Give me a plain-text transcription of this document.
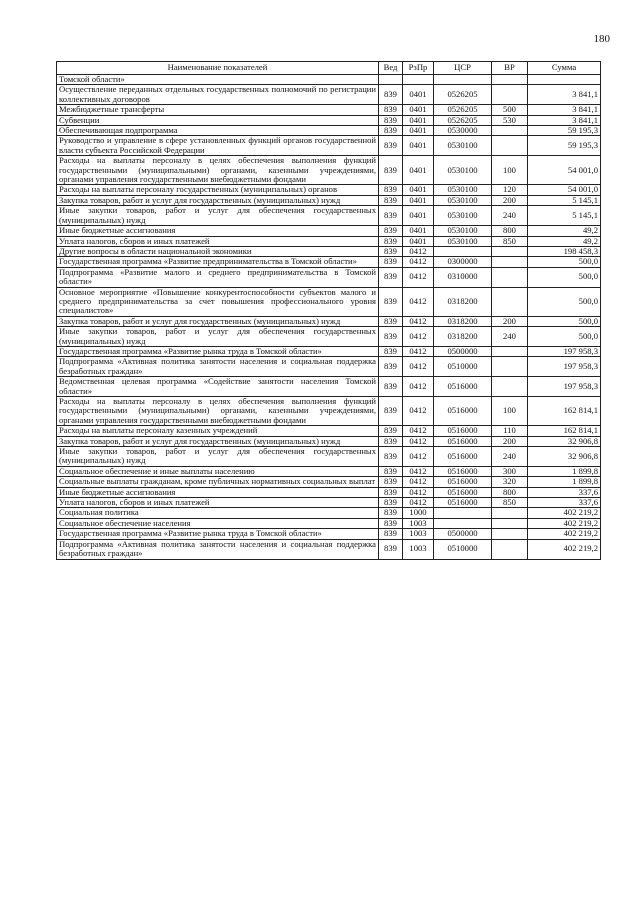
180
Наименование показателей	Вед	РзПр	ЦСР	ВР	Сумма
Томской области»					
Осуществление переданных отдельных государственных полномочий по регистрации коллективных договоров	839	0401	0526205		3 841,1
Межбюджетные трансферты	839	0401	0526205	500	3 841,1
Субвенции	839	0401	0526205	530	3 841,1
Обеспечивающая подпрограмма	839	0401	0530000		59 195,3
Руководство и управление в сфере установленных функций органов государственной власти субъекта Российской Федерации	839	0401	0530100		59 195,3
Расходы на выплаты персоналу в целях обеспечения выполнения функций государственными (муниципальными) органами, казенными учреждениями, органами управления государственными внебюджетными фондами	839	0401	0530100	100	54 001,0
Расходы на выплаты персоналу государственных (муниципальных) органов	839	0401	0530100	120	54 001,0
Закупка товаров, работ и услуг для государственных (муниципальных) нужд	839	0401	0530100	200	5 145,1
Иные закупки товаров, работ и услуг для обеспечения государственных (муниципальных) нужд	839	0401	0530100	240	5 145,1
Иные бюджетные ассигнования	839	0401	0530100	800	49,2
Уплата налогов, сборов и иных платежей	839	0401	0530100	850	49,2
Другие вопросы в области национальной экономики	839	0412			198 458,3
Государственная программа «Развитие предпринимательства в Томской области»	839	0412	0300000		500,0
Подпрограмма «Развитие малого и среднего предпринимательства в Томской области»	839	0412	0310000		500,0
Основное мероприятие «Повышение конкурентоспособности субъектов малого и среднего предпринимательства за счет повышения профессионального уровня специалистов»	839	0412	0318200		500,0
Закупка товаров, работ и услуг для государственных (муниципальных) нужд	839	0412	0318200	200	500,0
Иные закупки товаров, работ и услуг для обеспечения государственных (муниципальных) нужд	839	0412	0318200	240	500,0
Государственная программа «Развитие рынка труда в Томской области»	839	0412	0500000		197 958,3
Подпрограмма «Активная политика занятости населения и социальная поддержка безработных граждан»	839	0412	0510000		197 958,3
Ведомственная целевая программа «Содействие занятости населения Томской области»	839	0412	0516000		197 958,3
Расходы на выплаты персоналу в целях обеспечения выполнения функций государственными (муниципальными) органами, казенными учреждениями, органами управления государственными внебюджетными фондами	839	0412	0516000	100	162 814,1
Расходы на выплаты персоналу казенных учреждений	839	0412	0516000	110	162 814,1
Закупка товаров, работ и услуг для государственных (муниципальных) нужд	839	0412	0516000	200	32 906,8
Иные закупки товаров, работ и услуг для обеспечения государственных (муниципальных) нужд	839	0412	0516000	240	32 906,8
Социальное обеспечение и иные выплаты населению	839	0412	0516000	300	1 899,8
Социальные выплаты гражданам, кроме публичных нормативных социальных выплат	839	0412	0516000	320	1 899,8
Иные бюджетные ассигнования	839	0412	0516000	800	337,6
Уплата налогов, сборов и иных платежей	839	0412	0516000	850	337,6
Социальная политика	839	1000			402 219,2
Социальное обеспечение населения	839	1003			402 219,2
Государственная программа «Развитие рынка труда в Томской области»	839	1003	0500000		402 219,2
Подпрограмма «Активная политика занятости населения и социальная поддержка безработных граждан»	839	1003	0510000		402 219,2
